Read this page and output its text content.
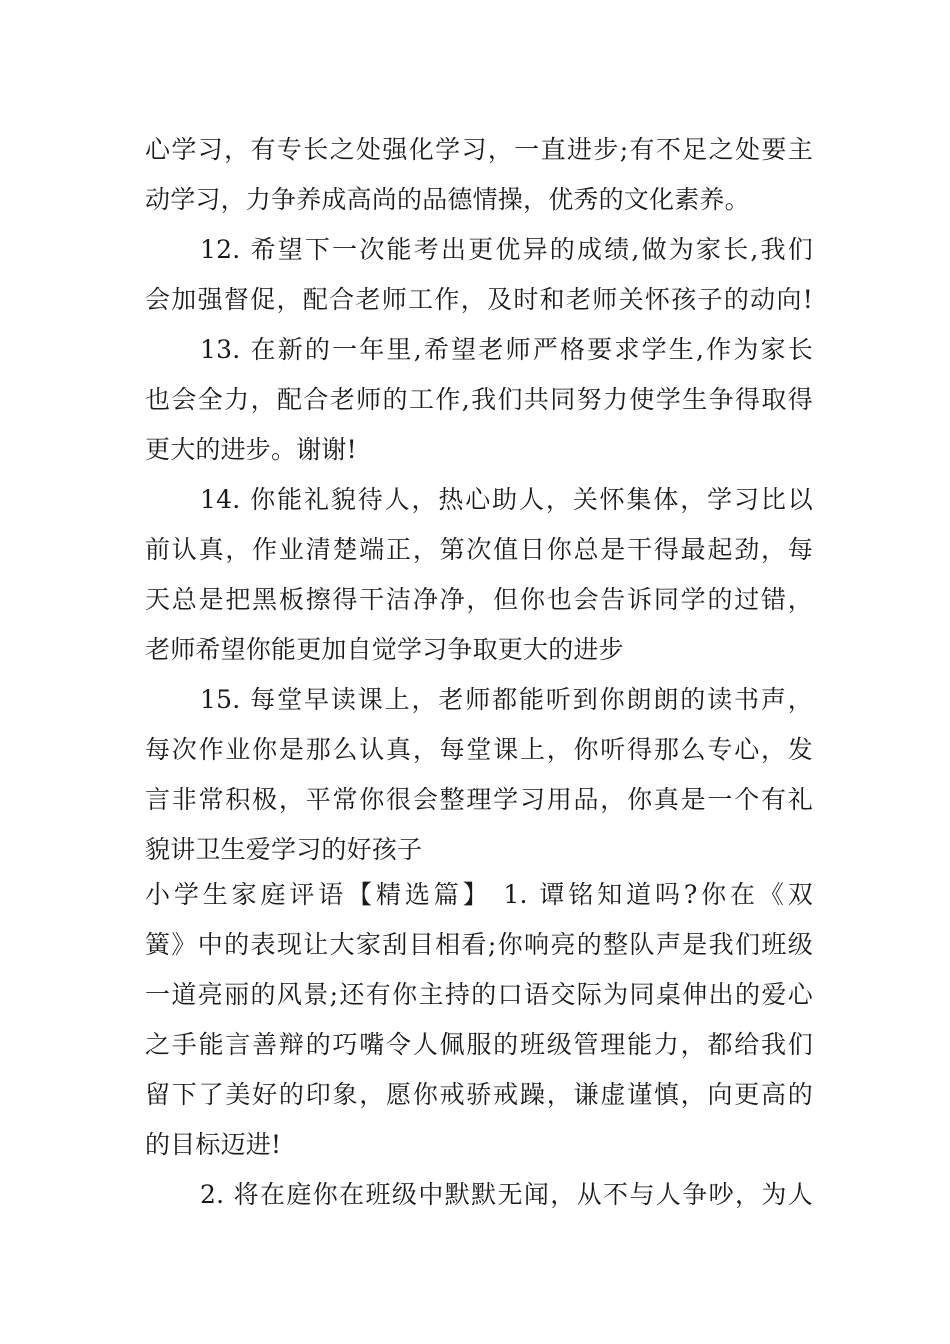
心学习，有专长之处强化学习，一直进步;有不足之处要主
动学习，力争养成高尚的品德情操，优秀的文化素养。
12. 希望下一次能考出更优异的成绩,做为家长,我们
会加强督促，配合老师工作，及时和老师关怀孩子的动向!
13. 在新的一年里,希望老师严格要求学生,作为家长
也会全力，配合老师的工作,我们共同努力使学生争得取得
更大的进步。谢谢!
14. 你能礼貌待人，热心助人，关怀集体，学习比以
前认真，作业清楚端正，第次值日你总是干得最起劲，每
天总是把黑板擦得干洁净净，但你也会告诉同学的过错，
老师希望你能更加自觉学习争取更大的进步
15. 每堂早读课上，老师都能听到你朗朗的读书声，
每次作业你是那么认真，每堂课上，你听得那么专心，发
言非常积极，平常你很会整理学习用品，你真是一个有礼
貌讲卫生爱学习的好孩子
小学生家庭评语【精选篇】 1. 谭铭知道吗?你在《双
簧》中的表现让大家刮目相看;你响亮的整队声是我们班级
一道亮丽的风景;还有你主持的口语交际为同桌伸出的爱心
之手能言善辩的巧嘴令人佩服的班级管理能力，都给我们
留下了美好的印象，愿你戒骄戒躁，谦虚谨慎，向更高的
的目标迈进!
2. 将在庭你在班级中默默无闻，从不与人争吵，为人
